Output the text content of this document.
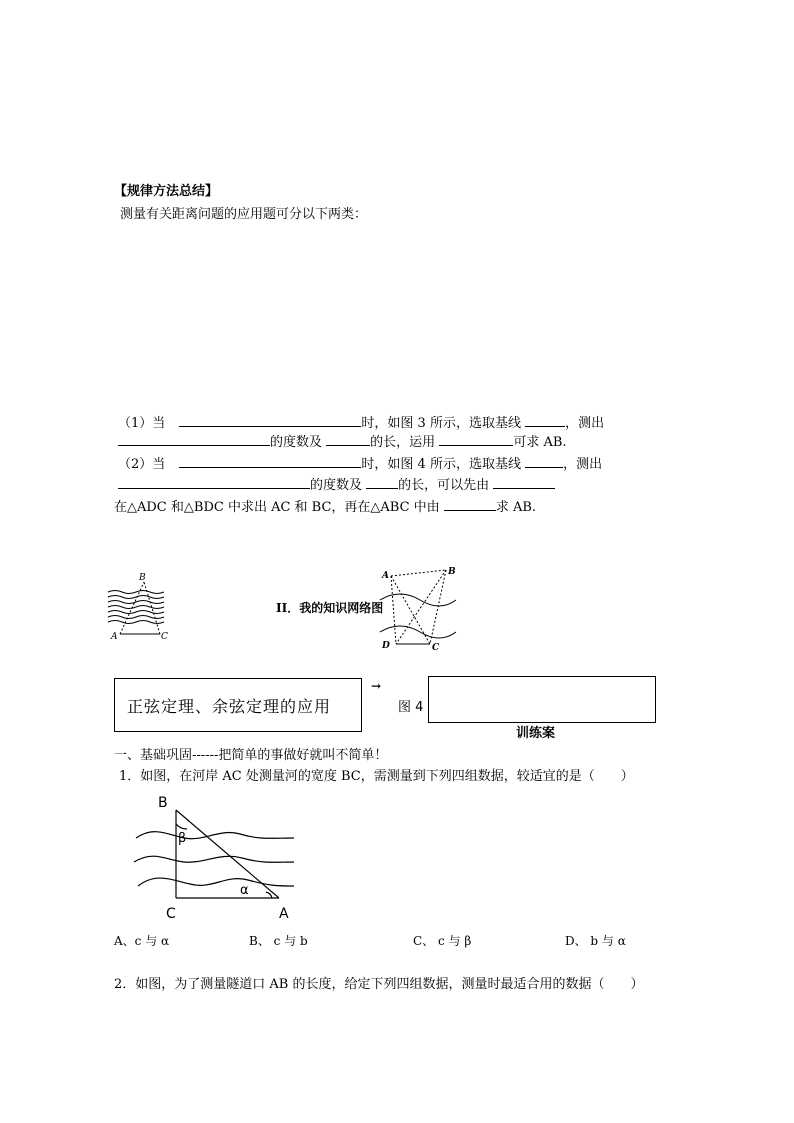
【规律方法总结】
测量有关距离问题的应用题可分以下两类：
（1）当	时，如图 3 所示，选取基线	，测出
的度数及	的长，运用	可求 AB.
（2）当	时，如图 4 所示，选取基线	，测出
的度数及	的长，可以先由
在△ADC 和△BDC 中求出 AC 和 BC，再在△ABC 中由	求 AB.
B
A	C
II．我的知识网络图
A	B
D	C
正弦定理、余弦定理的应用
→
图 4
训练案
一、基础巩固------把简单的事做好就叫不简单！
1．如图，在河岸 AC 处测量河的宽度 BC，需测量到下列四组数据，较适宜的是（　　）
B
β
α
C	A
A、c 与 α	B、 c 与 b	C、 c 与 β	D、 b 与 α
2．如图，为了测量隧道口 AB 的长度，给定下列四组数据，测量时最适合用的数据（　　）
